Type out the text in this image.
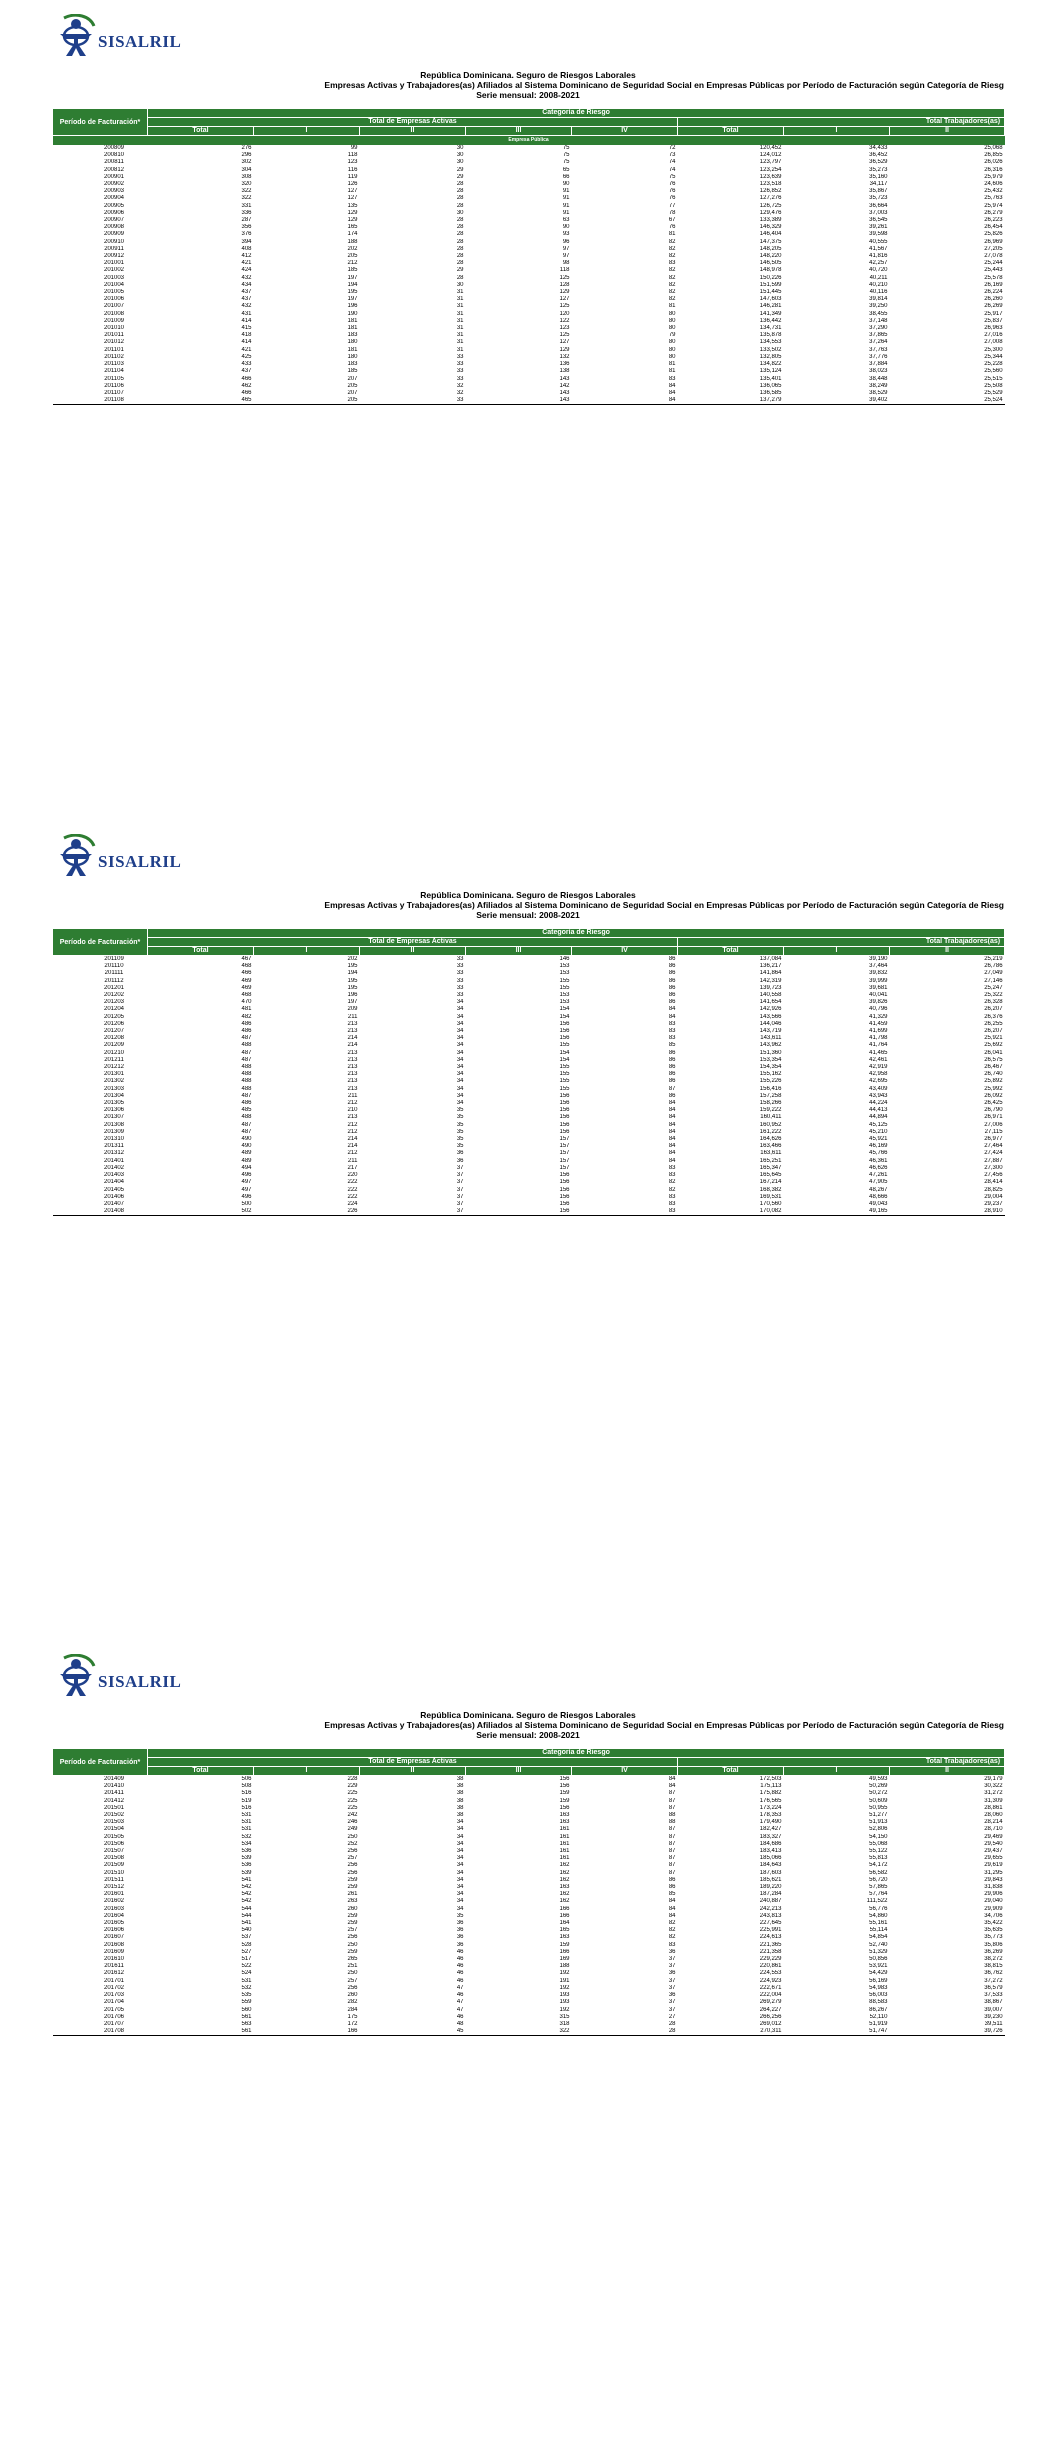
SISALRIL
República Dominicana. Seguro de Riesgos Laborales
Empresas Activas y Trabajadores(as) Afiliados al Sistema Dominicano de Seguridad Social en Empresas Públicas por Período de Facturación según Categoría de Riesg
Serie mensual: 2008-2021
Período de Facturación*	Categoría de Riesgo							
	Total de Empresas Activas					Total Trabajadores(as)		
	Total	I	II	III	IV	Total	I	II
Empresa Pública								
200809	276	99	30	75	72	120,452	34,433	25,068
200810	296	118	30	75	73	124,012	36,452	26,855
200811	302	123	30	75	74	123,797	36,529	26,026
200812	304	116	29	65	74	123,254	35,273	26,316
200901	308	119	29	66	75	123,639	35,160	25,979
200902	320	126	28	90	76	123,518	34,117	24,606
200903	322	127	28	91	76	126,852	35,867	25,432
200904	322	127	28	91	76	127,276	35,723	25,763
200905	331	135	28	91	77	126,725	36,664	25,974
200906	336	129	30	91	78	129,476	37,003	26,279
200907	287	129	28	63	67	133,389	36,545	26,223
200908	356	165	28	90	76	146,329	39,261	26,454
200909	376	174	28	93	81	146,404	39,598	25,826
200910	394	188	28	96	82	147,375	40,555	26,969
200911	408	202	28	97	82	148,205	41,567	27,205
200912	412	205	28	97	82	148,220	41,816	27,078
201001	421	212	28	98	83	146,505	42,257	25,244
201002	424	185	29	118	82	148,978	40,720	25,443
201003	432	197	28	125	82	150,226	40,211	25,578
201004	434	194	30	128	82	151,599	40,210	26,169
201005	437	195	31	129	82	151,445	40,116	26,224
201006	437	197	31	127	82	147,603	39,814	26,260
201007	432	196	31	125	81	146,281	39,250	26,269
201008	431	190	31	120	80	141,349	38,455	25,917
201009	414	181	31	122	80	136,442	37,148	25,837
201010	415	181	31	123	80	134,731	37,290	26,963
201011	418	183	31	125	79	135,878	37,865	27,016
201012	414	180	31	127	80	134,553	37,264	27,008
201101	421	181	31	129	80	133,502	37,763	25,300
201102	425	180	33	132	80	132,805	37,776	25,344
201103	433	183	33	136	81	134,822	37,884	25,228
201104	437	185	33	138	81	135,124	38,023	25,560
201105	466	207	33	143	83	135,401	38,448	25,515
201106	462	205	32	142	84	136,065	38,249	25,508
201107	466	207	32	143	84	136,585	38,529	25,529
201108	465	205	33	143	84	137,279	39,402	25,524
SISALRIL
República Dominicana. Seguro de Riesgos Laborales
Empresas Activas y Trabajadores(as) Afiliados al Sistema Dominicano de Seguridad Social en Empresas Públicas por Período de Facturación según Categoría de Riesg
Serie mensual: 2008-2021
Período de Facturación*	Categoría de Riesgo							
	Total de Empresas Activas					Total Trabajadores(as)		
	Total	I	II	III	IV	Total	I	II
201109	467	202	33	146	86	137,084	39,190	25,219
201110	468	195	33	153	86	136,217	37,464	26,786
201111	466	194	33	153	86	141,864	39,832	27,049
201112	469	195	33	155	86	142,319	39,999	27,146
201201	469	195	33	155	86	139,723	39,681	25,247
201202	468	196	33	153	86	140,558	40,041	25,322
201203	470	197	34	153	86	141,654	39,826	26,328
201204	481	209	34	154	84	142,926	40,796	26,207
201205	482	211	34	154	84	143,566	41,329	26,376
201206	486	213	34	156	83	144,046	41,459	26,255
201207	486	213	34	156	83	143,719	41,699	26,207
201208	487	214	34	156	83	143,611	41,798	25,921
201209	488	214	34	155	85	143,962	41,764	25,692
201210	487	213	34	154	86	151,360	41,465	26,041
201211	487	213	34	154	86	153,354	42,461	26,575
201212	488	213	34	155	86	154,354	42,919	26,467
201301	488	213	34	155	86	155,162	42,958	26,740
201302	488	213	34	155	86	155,226	42,695	25,892
201303	488	213	34	155	87	156,416	43,409	25,992
201304	487	211	34	156	86	157,258	43,943	26,092
201305	486	212	34	156	84	158,266	44,224	26,425
201306	485	210	35	156	84	159,222	44,413	26,790
201307	488	213	35	156	84	160,411	44,894	26,971
201308	487	212	35	156	84	160,952	45,125	27,006
201309	487	212	35	156	84	161,222	45,210	27,115
201310	490	214	35	157	84	164,626	45,921	26,977
201311	490	214	35	157	84	163,466	46,169	27,464
201312	489	212	36	157	84	163,611	45,766	27,424
201401	489	211	36	157	84	165,251	46,361	27,887
201402	494	217	37	157	83	165,347	46,626	27,300
201403	496	220	37	156	83	165,645	47,261	27,456
201404	497	222	37	156	82	167,214	47,905	28,414
201405	497	222	37	156	82	168,382	48,267	28,825
201406	496	222	37	156	83	169,531	48,666	29,004
201407	500	224	37	156	83	170,560	49,043	29,237
201408	502	226	37	156	83	170,082	49,165	28,910
SISALRIL
República Dominicana. Seguro de Riesgos Laborales
Empresas Activas y Trabajadores(as) Afiliados al Sistema Dominicano de Seguridad Social en Empresas Públicas por Período de Facturación según Categoría de Riesg
Serie mensual: 2008-2021
Período de Facturación*	Categoría de Riesgo							
	Total de Empresas Activas					Total Trabajadores(as)		
	Total	I	II	III	IV	Total	I	II
201409	506	228	38	156	84	172,503	49,593	29,179
201410	508	229	38	156	84	175,113	50,269	30,322
201411	516	225	38	159	87	175,882	50,272	31,272
201412	519	225	38	159	87	176,565	50,609	31,309
201501	516	225	38	156	87	173,224	50,955	28,861
201502	531	242	38	163	88	178,353	51,277	28,060
201503	531	246	34	163	88	179,490	51,913	28,214
201504	531	249	34	161	87	182,427	52,806	28,710
201505	532	250	34	161	87	183,327	54,150	29,469
201506	534	252	34	161	87	184,686	55,068	29,540
201507	536	256	34	161	87	183,413	55,122	29,437
201508	539	257	34	161	87	185,066	55,813	29,655
201509	536	256	34	162	87	184,643	54,172	29,619
201510	539	256	34	162	87	187,603	56,582	31,295
201511	541	259	34	162	86	185,621	56,720	29,843
201512	542	259	34	163	86	189,220	57,865	31,838
201601	542	261	34	162	85	187,284	57,764	29,906
201602	542	263	34	162	84	240,887	111,522	29,040
201603	544	260	34	166	84	242,213	56,776	29,909
201604	544	259	35	166	84	243,813	54,860	34,706
201605	541	259	36	164	82	227,645	55,161	35,422
201606	540	257	36	165	82	225,991	55,114	35,635
201607	537	256	36	163	82	224,613	54,854	35,773
201608	528	250	36	159	83	221,365	52,740	35,806
201609	527	259	46	166	36	221,358	51,329	36,269
201610	517	265	46	169	37	229,229	50,856	38,272
201611	522	251	46	188	37	220,861	53,921	38,815
201612	524	250	46	192	36	224,553	54,429	36,762
201701	531	257	46	191	37	224,923	56,169	37,272
201702	532	256	47	192	37	222,671	54,983	36,579
201703	535	260	46	193	36	222,004	56,003	37,533
201704	559	282	47	193	37	269,279	88,583	38,867
201705	560	284	47	192	37	264,227	86,267	39,007
201706	561	175	46	315	27	266,256	52,110	39,230
201707	563	172	48	318	28	269,012	51,919	39,511
201708	561	166	45	322	28	270,311	51,747	39,726
